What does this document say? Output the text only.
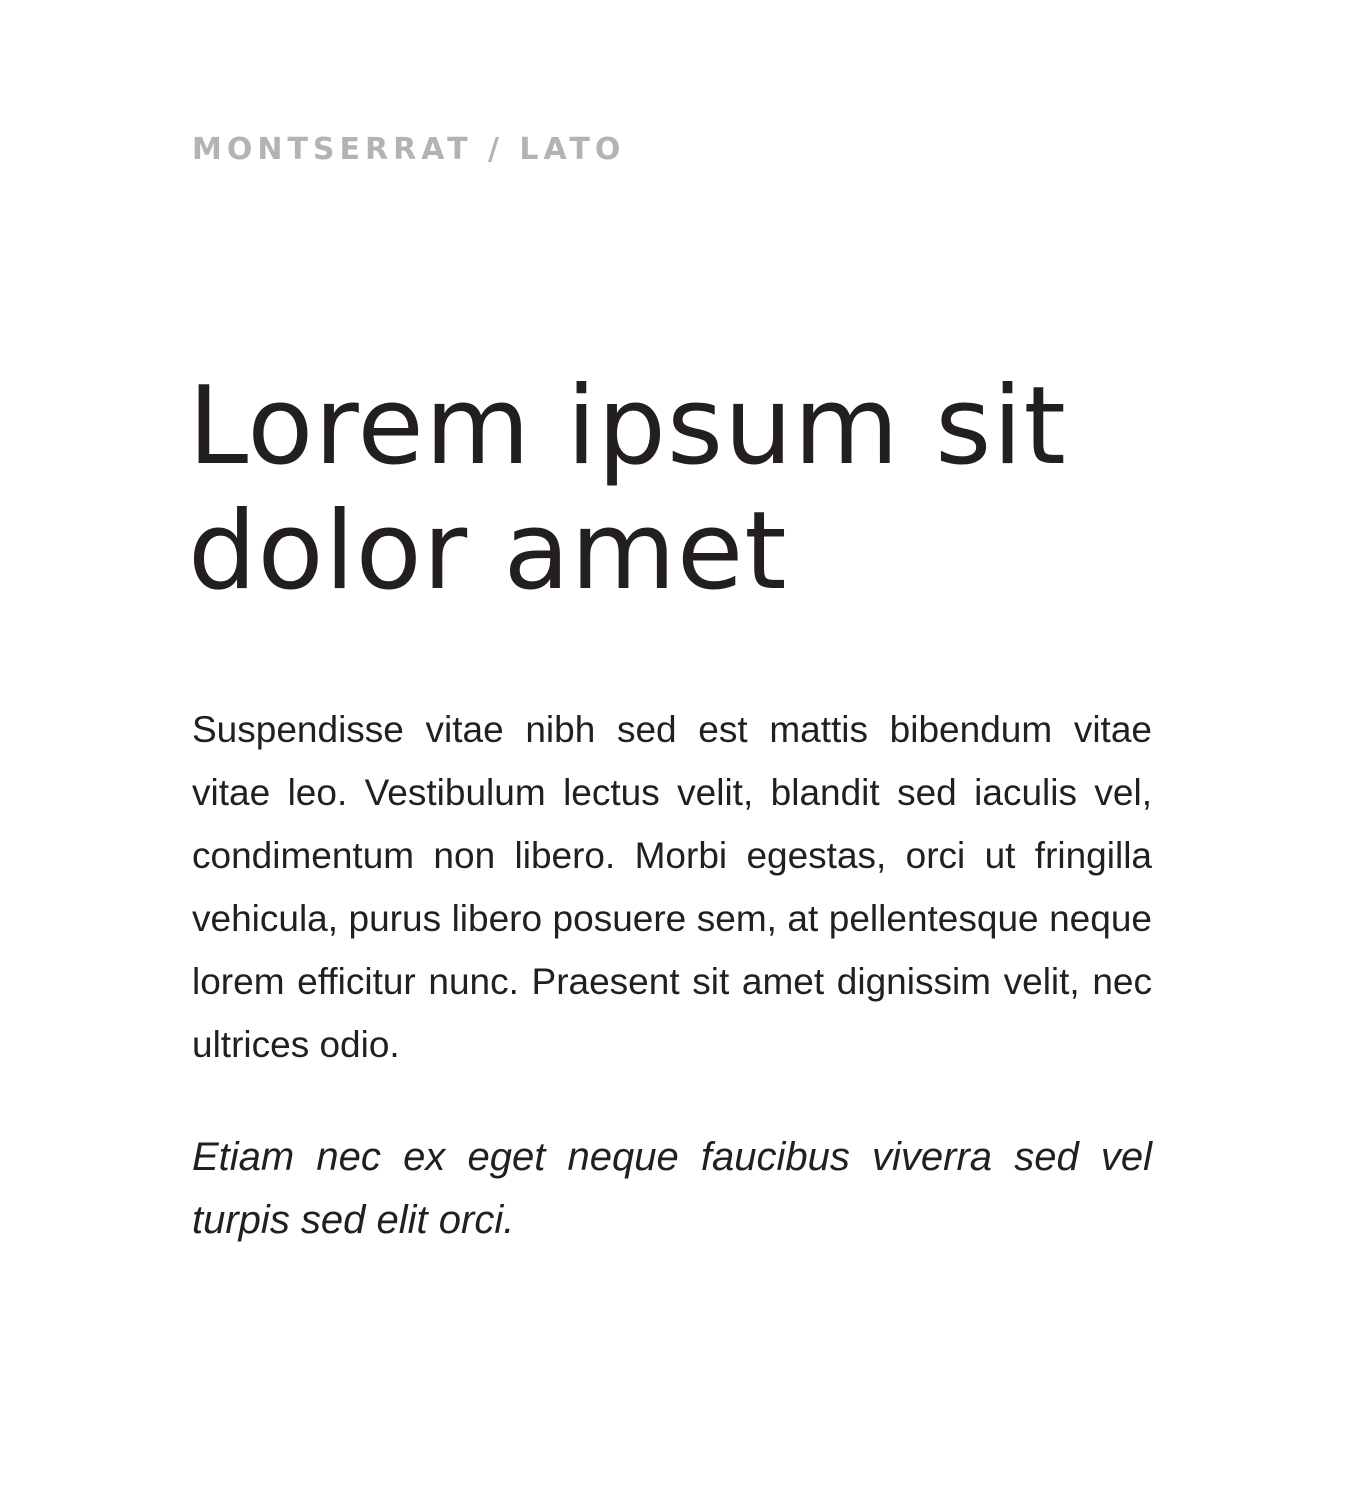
MONTSERRAT / LATO
Lorem ipsum sit dolor amet

Suspendisse vitae nibh sed est mattis bibendum vitae vitae leo. Vestibulum lectus velit, blandit sed iaculis vel, condimentum non libero. Morbi egestas, orci ut fringilla vehicula, purus libero posuere sem, at pellentesque neque lorem efficitur nunc. Praesent sit amet dignissim velit, nec ultrices odio.

Etiam nec ex eget neque faucibus viverra sed vel turpis sed elit orci.
